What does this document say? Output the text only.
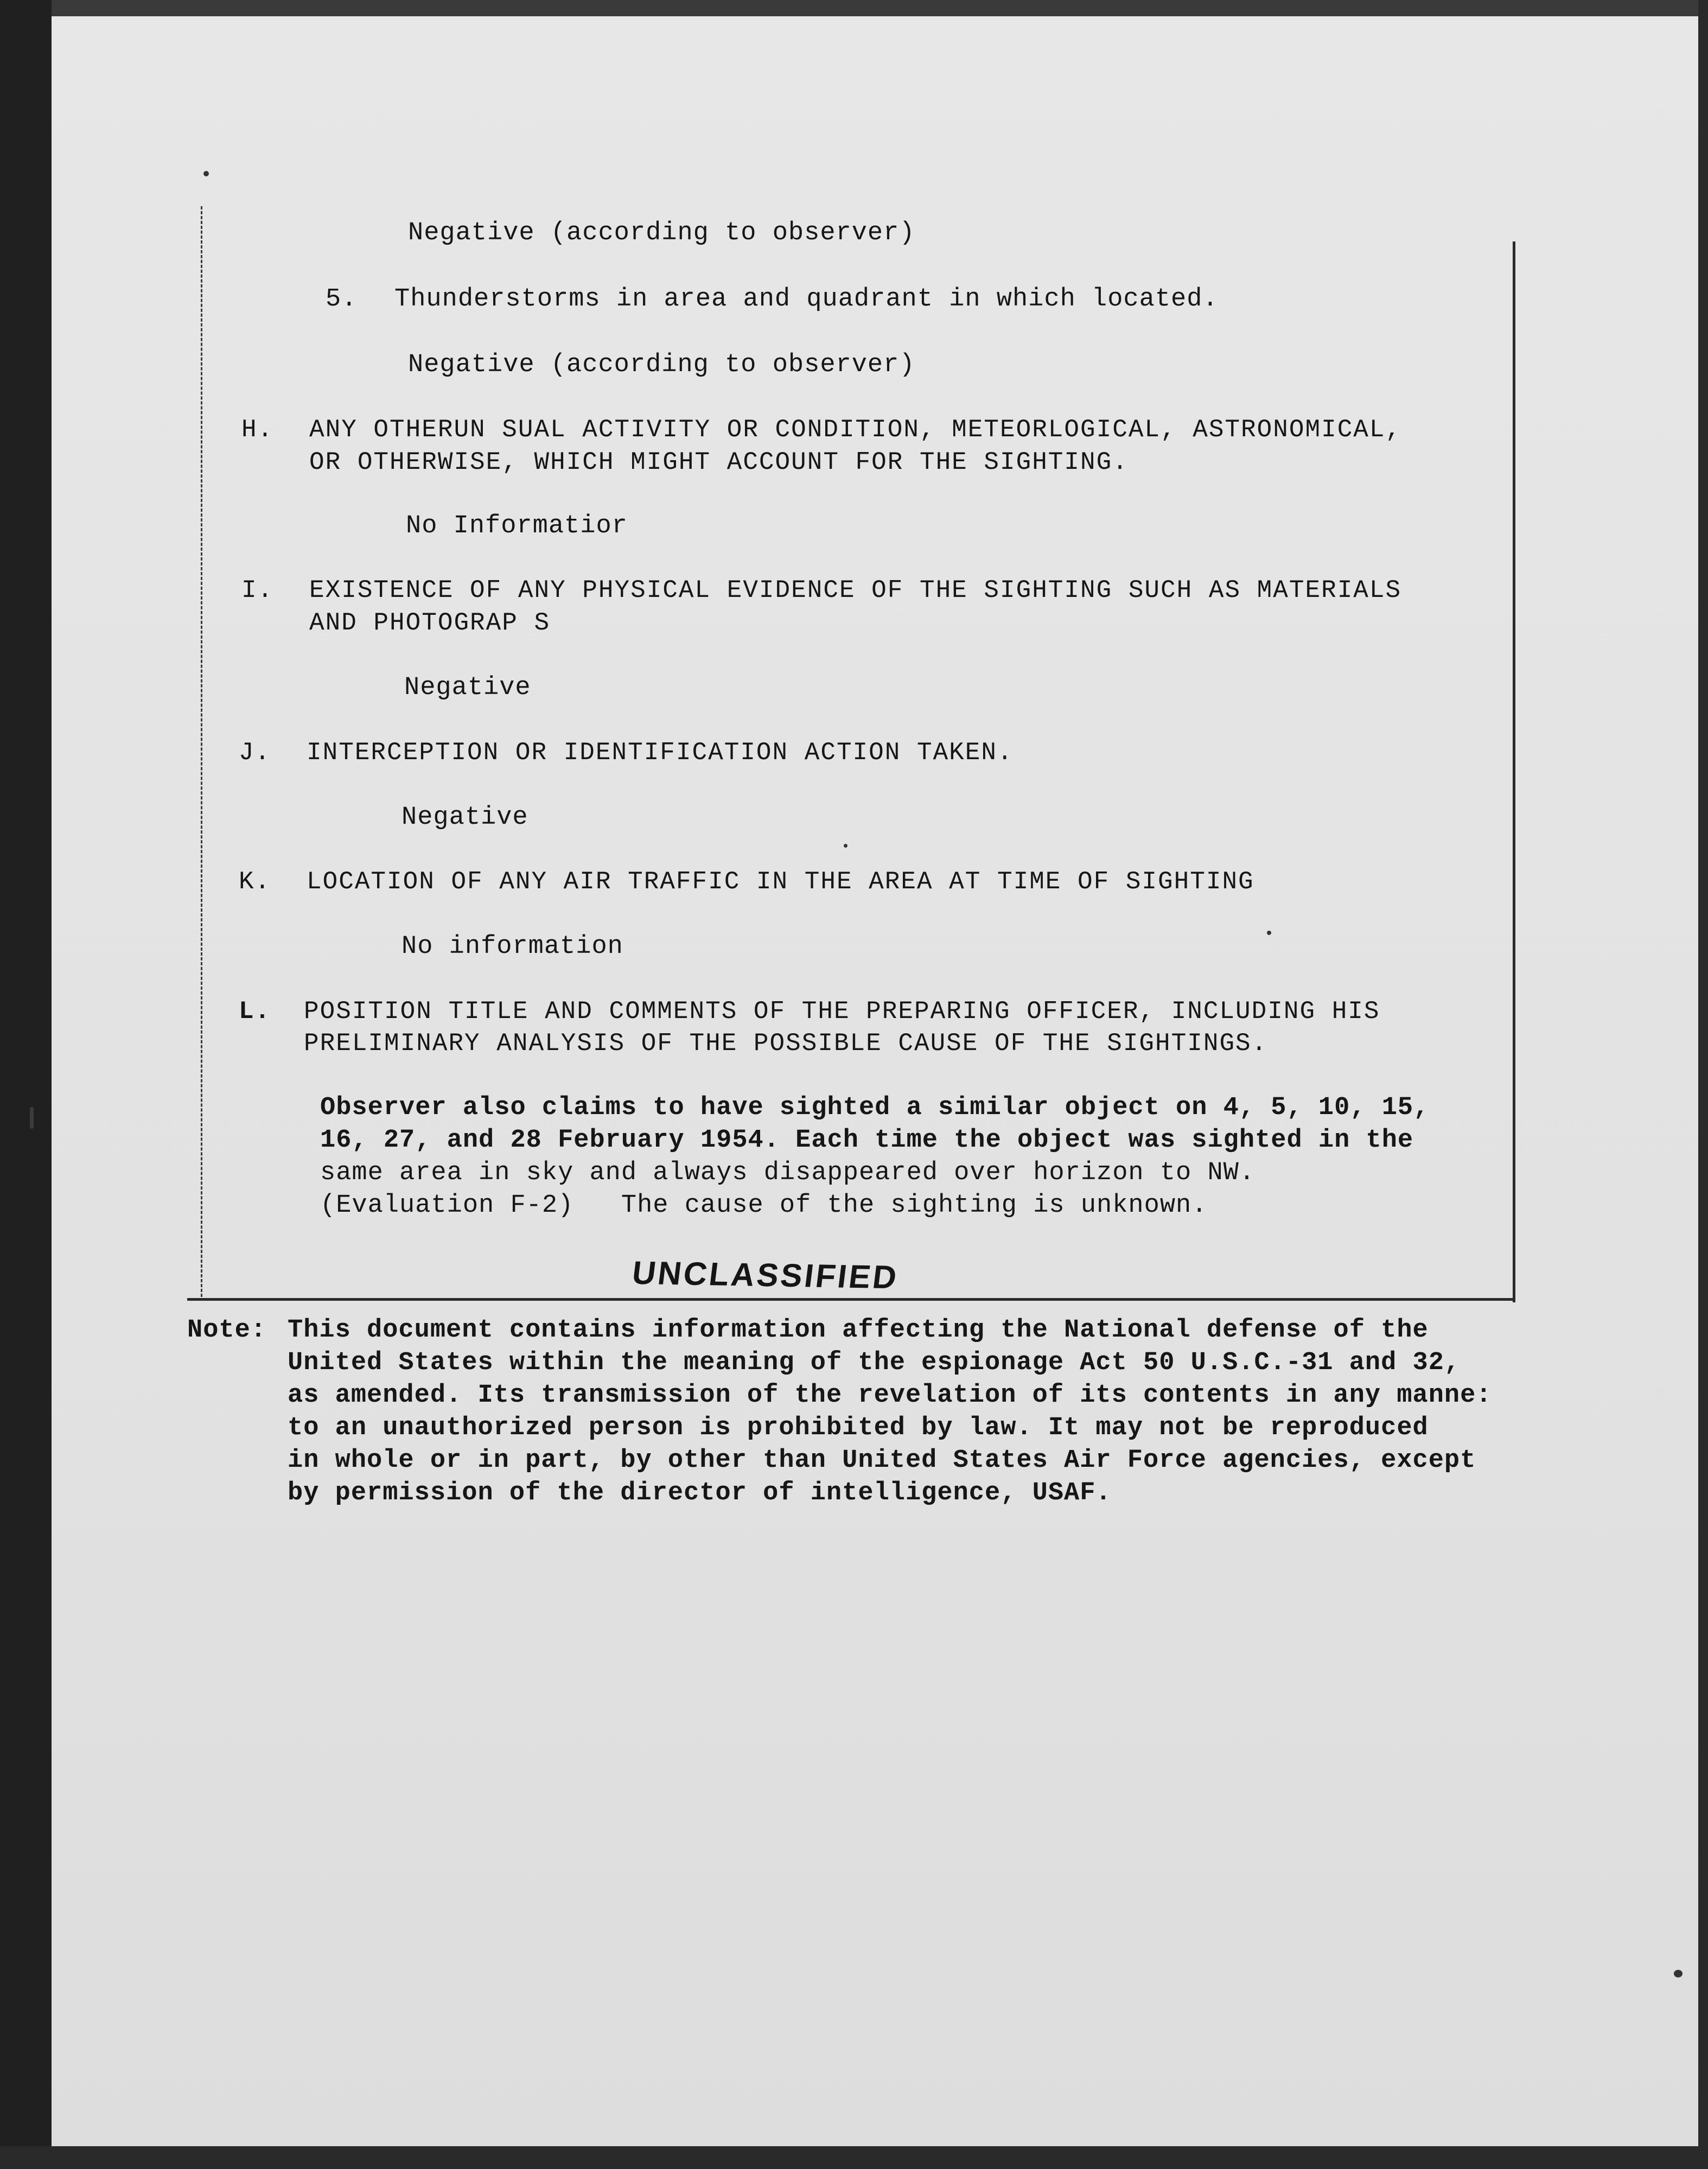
Negative (according to observer)
5. Thunderstorms in area and quadrant in which located.
Negative (according to observer)
H. ANY OTHERUN SUAL ACTIVITY OR CONDITION, METEORLOGICAL, ASTRONOMICAL,
OR OTHERWISE, WHICH MIGHT ACCOUNT FOR THE SIGHTING.
No Informatior
I. EXISTENCE OF ANY PHYSICAL EVIDENCE OF THE SIGHTING SUCH AS MATERIALS
AND PHOTOGRAP S
Negative
J. INTERCEPTION OR IDENTIFICATION ACTION TAKEN.
Negative
K. LOCATION OF ANY AIR TRAFFIC IN THE AREA AT TIME OF SIGHTING
No information
L. POSITION TITLE AND COMMENTS OF THE PREPARING OFFICER, INCLUDING HIS
PRELIMINARY ANALYSIS OF THE POSSIBLE CAUSE OF THE SIGHTINGS.
Observer also claims to have sighted a similar object on 4, 5, 10, 15,
16, 27, and 28 February 1954. Each time the object was sighted in the
same area in sky and always disappeared over horizon to NW.
(Evaluation F-2)   The cause of the sighting is unknown.
UNCLASSIFIED
Note: This document contains information affecting the National defense of the
United States within the meaning of the espionage Act 50 U.S.C.-31 and 32,
as amended. Its transmission of the revelation of its contents in any manne:
to an unauthorized person is prohibited by law. It may not be reproduced
in whole or in part, by other than United States Air Force agencies, except
by permission of the director of intelligence, USAF.
